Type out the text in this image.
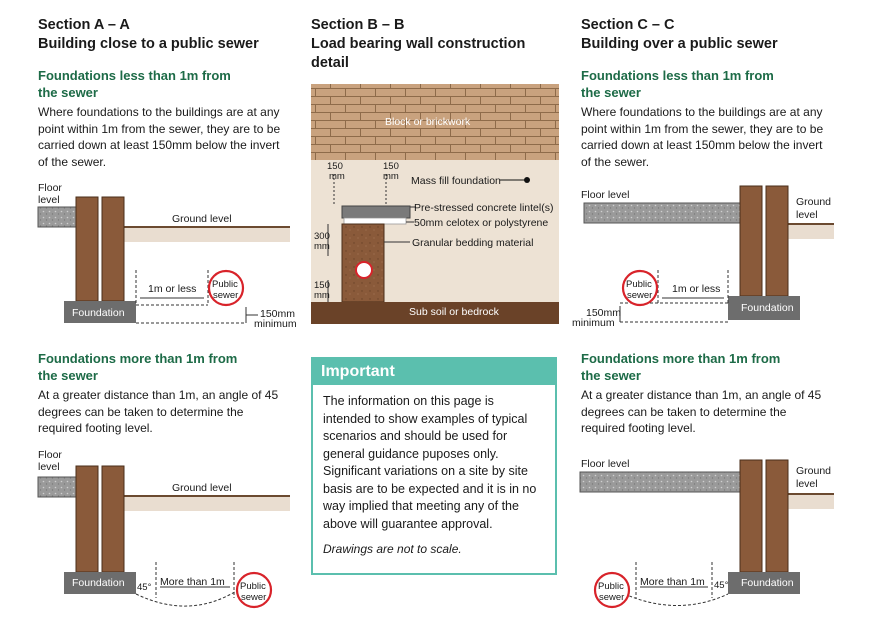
Section A – A
Building close to a public sewer
Foundations less than 1m from
the sewer
Where foundations to the buildings are at any point within 1m from the sewer, they are to be carried down at least 150mm below the invert of the sewer.
Floor
level
Ground level
1m or less Public
sewer
Foundation	150mm
minimum
Foundations more than 1m from
the sewer
At a greater distance than 1m, an angle of 45 degrees can be taken to determine the required footing level.
Floor
level
Ground level
Foundation 45° More than 1m Public
sewer
Section B – B
Load bearing wall construction
detail
Block or brickwork
150
mm
150
mm Mass fill foundation
Pre-stressed concrete lintel(s)
50mm celotex or polystyrene
300
mm	Granular bedding material
150
mm
Sub soil or bedrock
Important
The information on this page is intended to show examples of typical scenarios and should be used for general guidance puposes only. Significant variations on a site by site basis are to be expected and it is in no way implied that meeting any of the above will guarantee approval.
Drawings are not to scale.
Section C – C
Building over a public sewer
Foundations less than 1m from
the sewer
Where foundations to the buildings are at any point within 1m from the sewer, they are to be carried down at least 150mm below the invert of the sewer.
Floor level
Ground
level
Public
sewer
1m or less
150mm
minimum
Foundation
Foundations more than 1m from
the sewer
At a greater distance than 1m, an angle of 45 degrees can be taken to determine the required footing level.
Floor level
Ground
level
Public
sewer
More than 1m 45° Foundation
